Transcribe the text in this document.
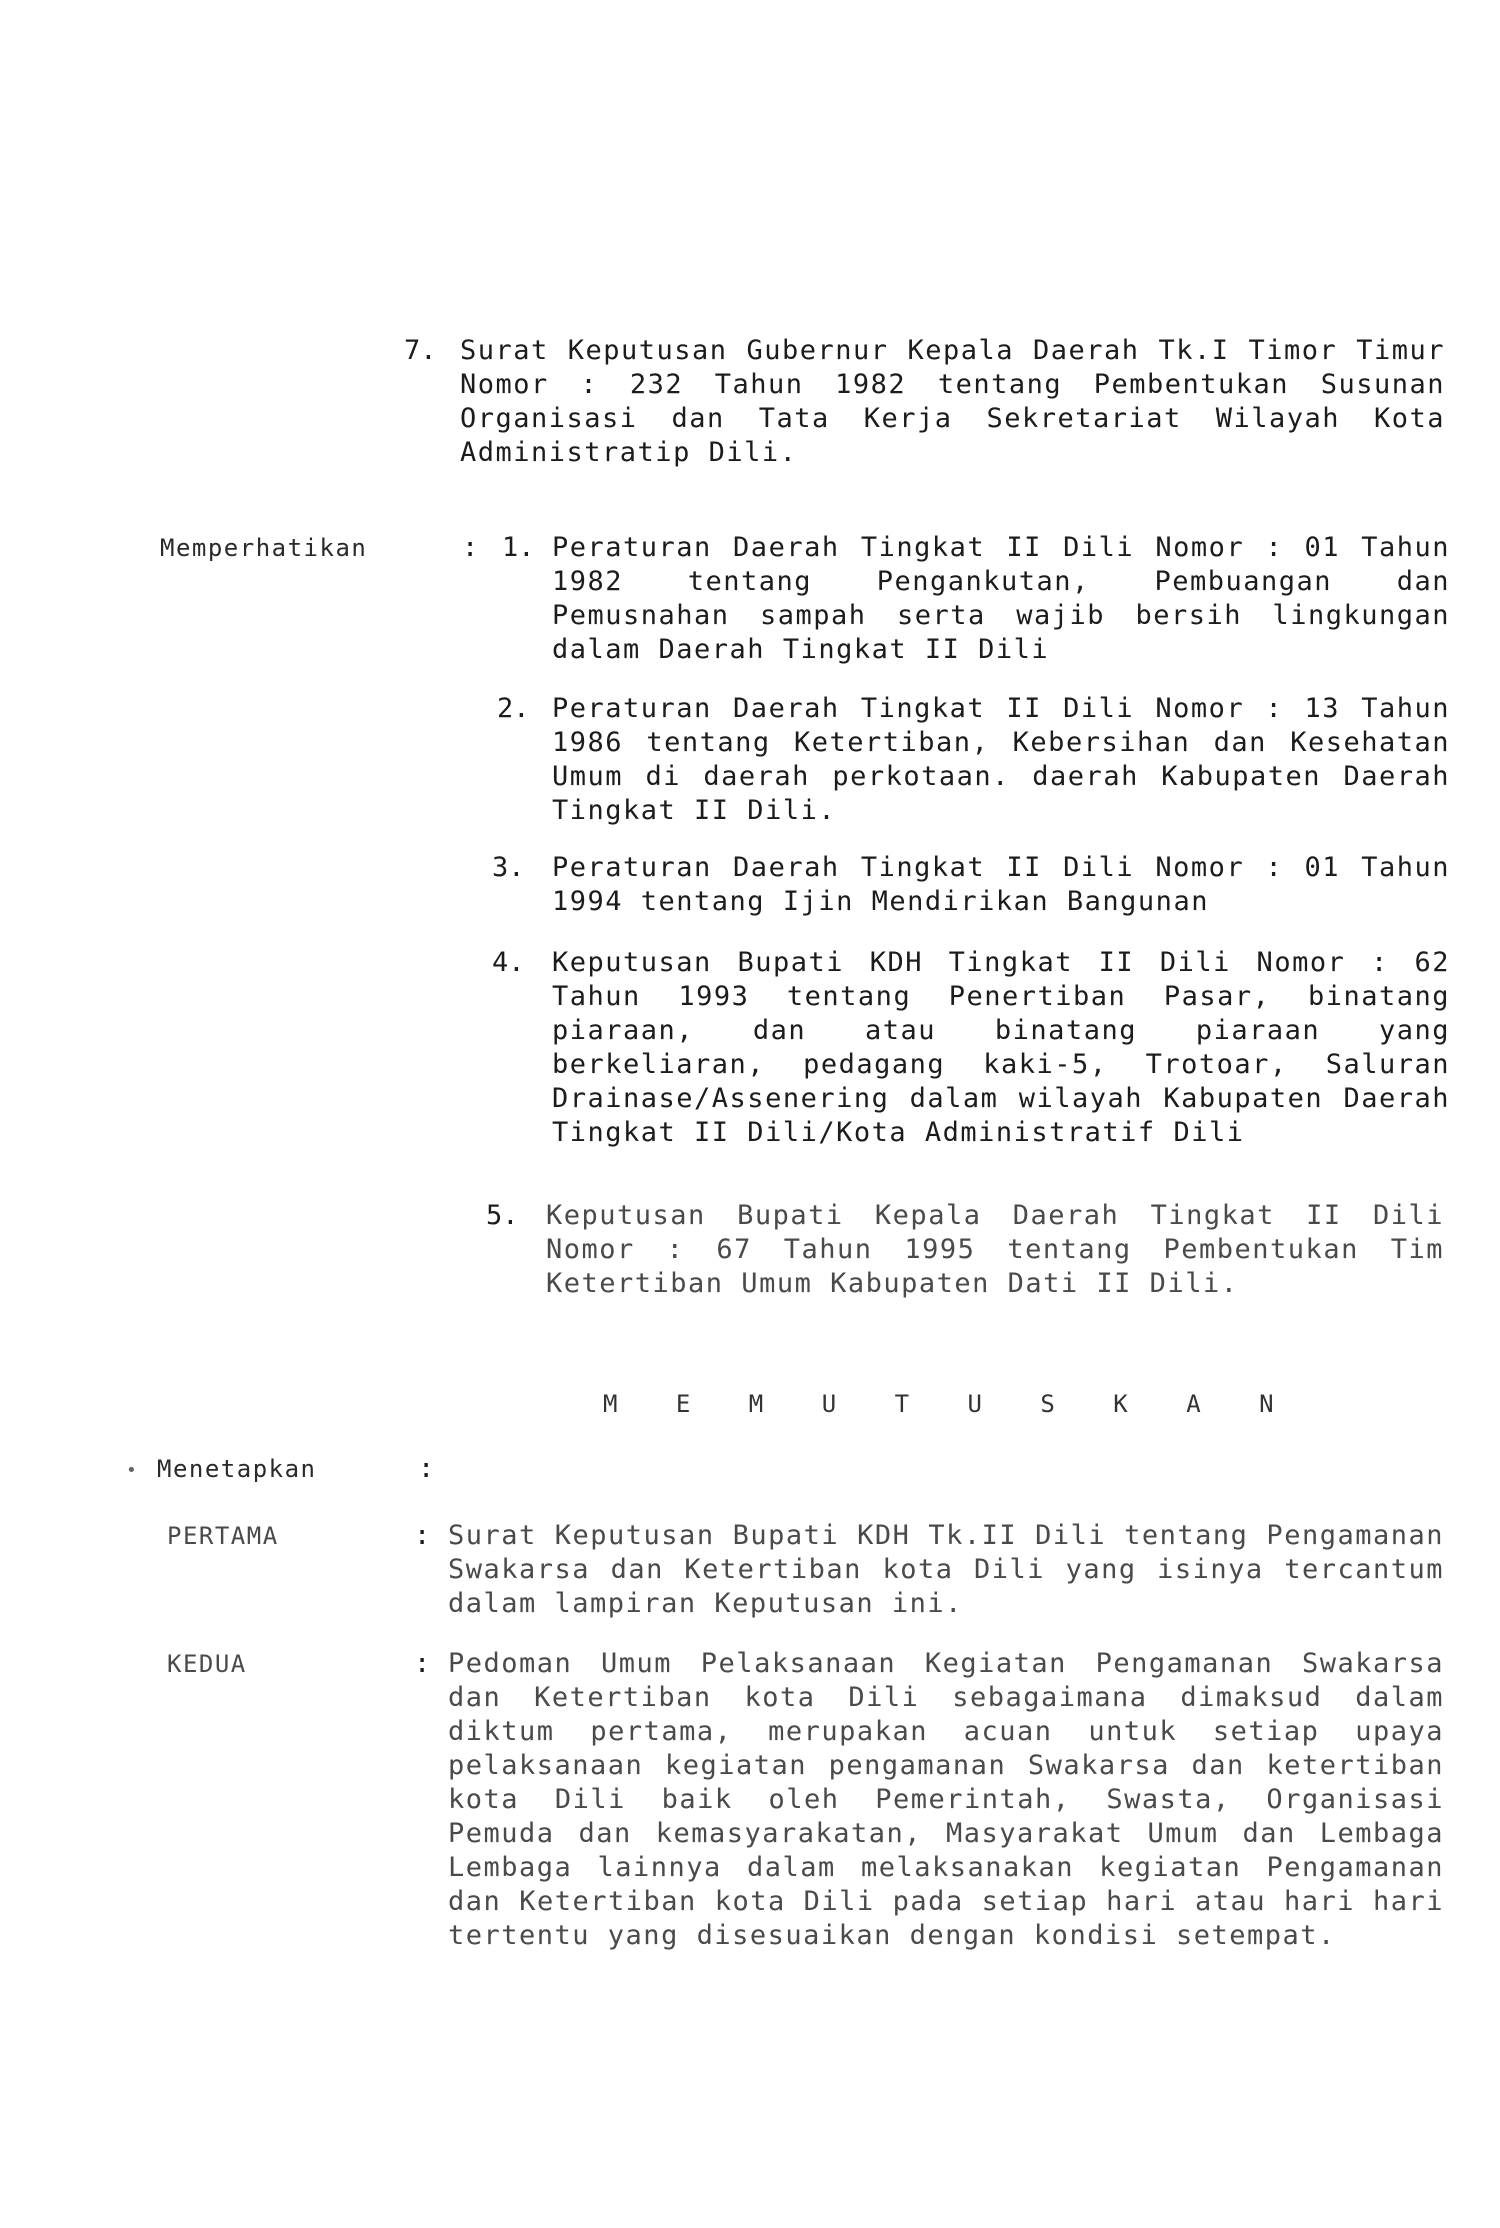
7. Surat Keputusan Gubernur Kepala Daerah Tk.I Timor Timur Nomor : 232 Tahun 1982 tentang Pembentukan Susunan Organisasi dan Tata Kerja Sekretariat Wilayah Kota Administratip Dili.

Memperhatikan	: 1. Peraturan Daerah Tingkat II Dili Nomor : 01 Tahun 1982 tentang Pengankutan, Pembuangan dan Pemusnahan sampah serta wajib bersih lingkungan dalam Daerah Tingkat II Dili

2. Peraturan Daerah Tingkat II Dili Nomor : 13 Tahun 1986 tentang Ketertiban, Kebersihan dan Kesehatan Umum di daerah perkotaan. daerah Kabupaten Daerah Tingkat II Dili.

3. Peraturan Daerah Tingkat II Dili Nomor : 01 Tahun 1994 tentang Ijin Mendirikan Bangunan

4. Keputusan Bupati KDH Tingkat II Dili Nomor : 62 Tahun 1993 tentang Penertiban Pasar, binatang piaraan, dan atau binatang piaraan yang berkeliaran, pedagang kaki-5, Trotoar, Saluran Drainase/Assenering dalam wilayah Kabupaten Daerah Tingkat II Dili/Kota Administratif Dili

5. Keputusan Bupati Kepala Daerah Tingkat II Dili Nomor : 67 Tahun 1995 tentang Pembentukan Tim Ketertiban Umum Kabupaten Dati II Dili.

M E M U T U S K A N
• Menetapkan	:
PERTAMA	: Surat Keputusan Bupati KDH Tk.II Dili tentang Pengamanan Swakarsa dan Ketertiban kota Dili yang isinya tercantum dalam lampiran Keputusan ini.

KEDUA	: Pedoman Umum Pelaksanaan Kegiatan Pengamanan Swakarsa dan Ketertiban kota Dili sebagaimana dimaksud dalam diktum pertama, merupakan acuan untuk setiap upaya pelaksanaan kegiatan pengamanan Swakarsa dan ketertiban kota Dili baik oleh Pemerintah, Swasta, Organisasi Pemuda dan kemasyarakatan, Masyarakat Umum dan Lembaga Lembaga lainnya dalam melaksanakan kegiatan Pengamanan dan Ketertiban kota Dili pada setiap hari atau hari hari tertentu yang disesuaikan dengan kondisi setempat.
